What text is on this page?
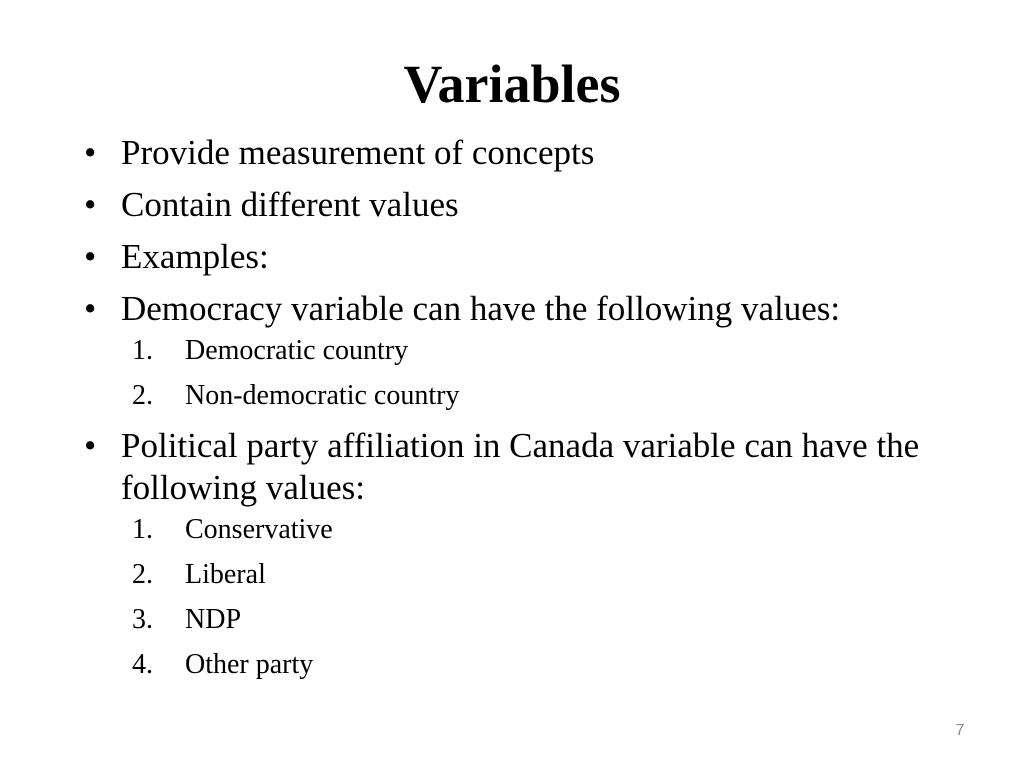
Variables
• Provide measurement of concepts
• Contain different values
• Examples:
• Democracy variable can have the following values:
1. Democratic country
2. Non-democratic country
• Political party affiliation in Canada variable can have the following values:
1. Conservative
2. Liberal
3. NDP
4. Other party
7
